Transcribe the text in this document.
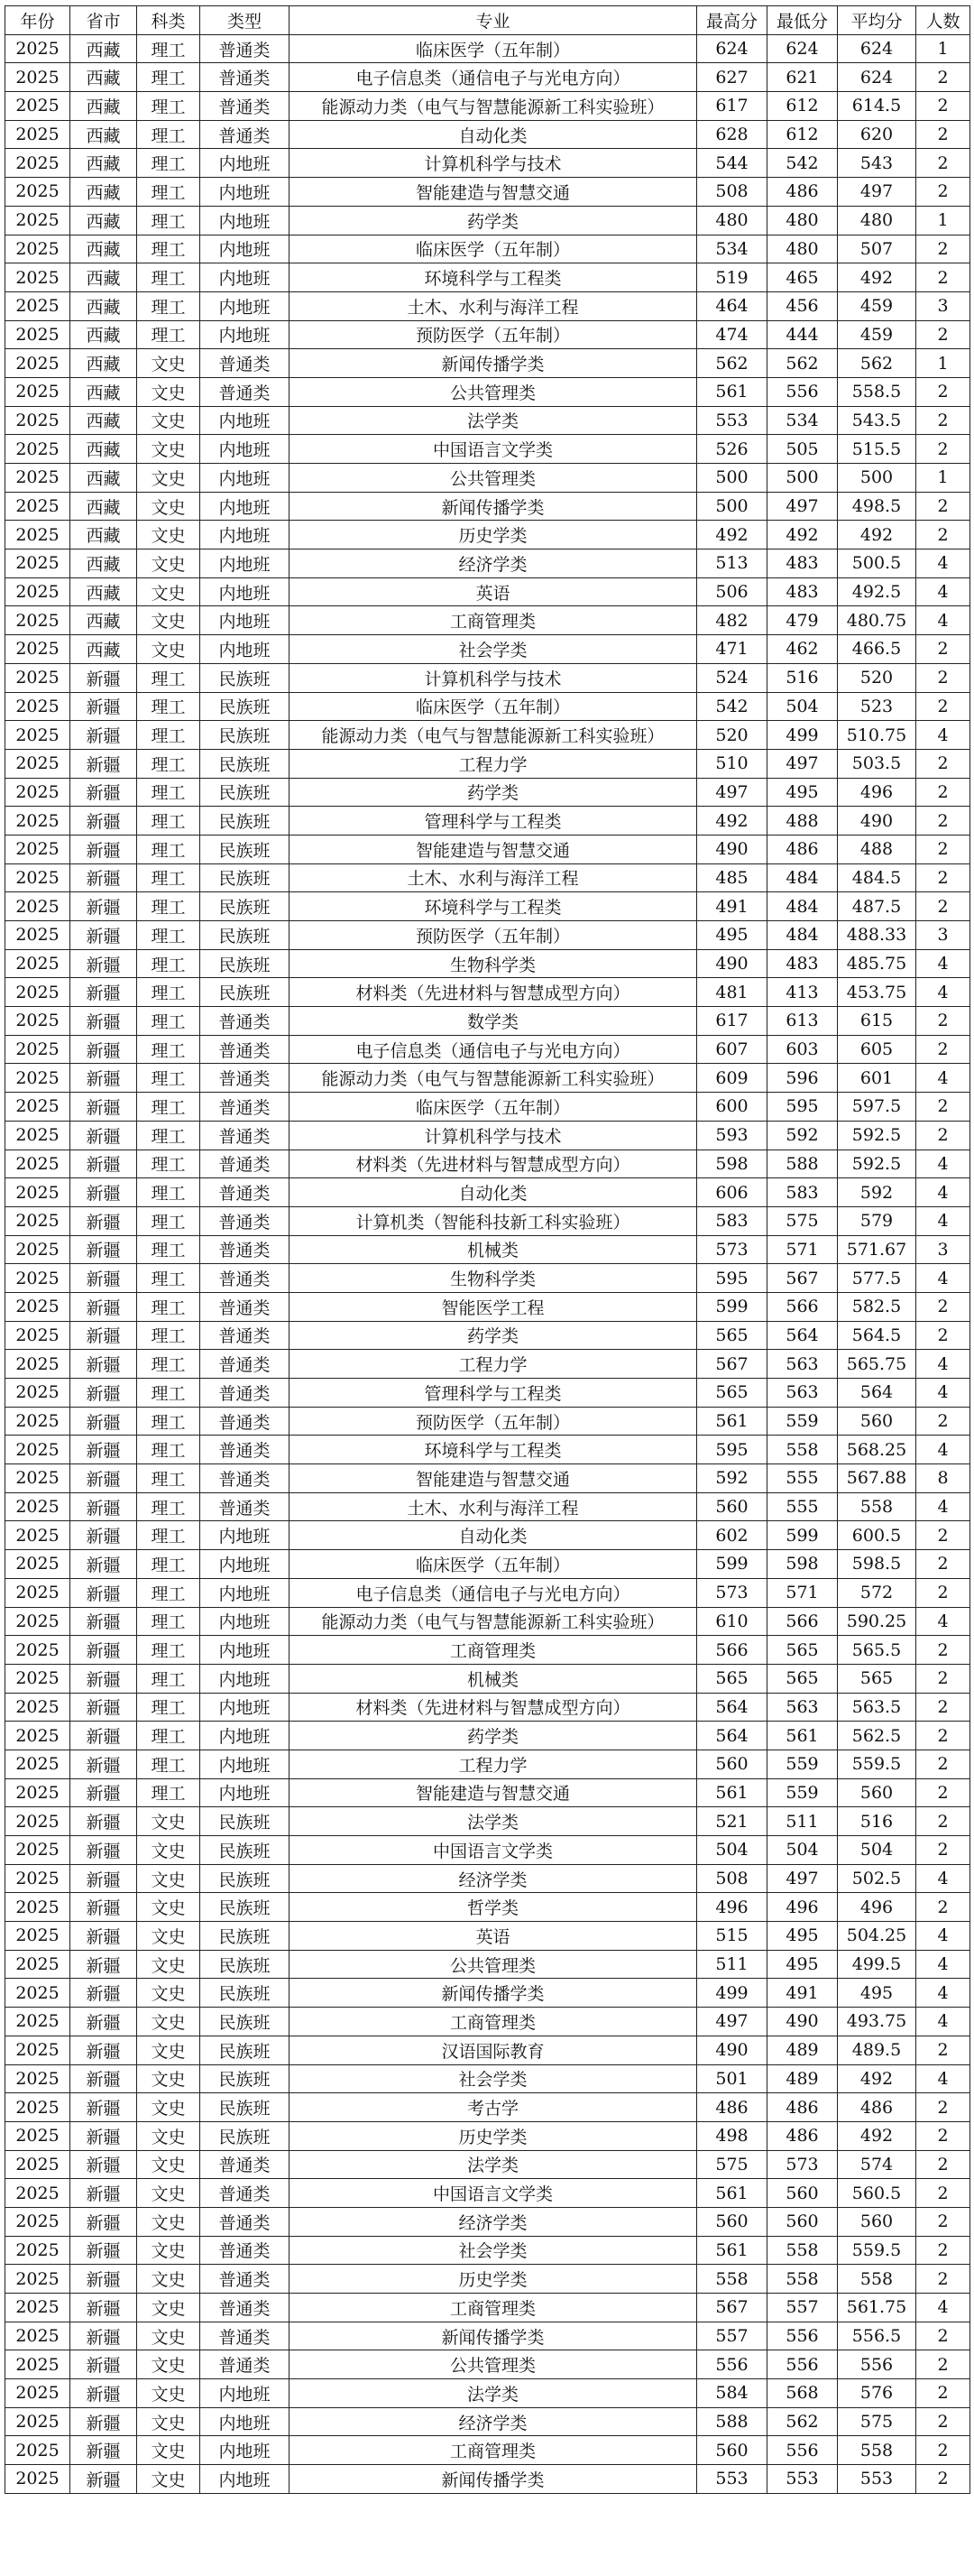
年份	省市	科类	类型	专业	最高分	最低分	平均分	人数
2025	西藏	理工	普通类	临床医学（五年制）	624	624	624	1
2025	西藏	理工	普通类	电子信息类（通信电子与光电方向）	627	621	624	2
2025	西藏	理工	普通类	能源动力类（电气与智慧能源新工科实验班）	617	612	614.5	2
2025	西藏	理工	普通类	自动化类	628	612	620	2
2025	西藏	理工	内地班	计算机科学与技术	544	542	543	2
2025	西藏	理工	内地班	智能建造与智慧交通	508	486	497	2
2025	西藏	理工	内地班	药学类	480	480	480	1
2025	西藏	理工	内地班	临床医学（五年制）	534	480	507	2
2025	西藏	理工	内地班	环境科学与工程类	519	465	492	2
2025	西藏	理工	内地班	土木、水利与海洋工程	464	456	459	3
2025	西藏	理工	内地班	预防医学（五年制）	474	444	459	2
2025	西藏	文史	普通类	新闻传播学类	562	562	562	1
2025	西藏	文史	普通类	公共管理类	561	556	558.5	2
2025	西藏	文史	内地班	法学类	553	534	543.5	2
2025	西藏	文史	内地班	中国语言文学类	526	505	515.5	2
2025	西藏	文史	内地班	公共管理类	500	500	500	1
2025	西藏	文史	内地班	新闻传播学类	500	497	498.5	2
2025	西藏	文史	内地班	历史学类	492	492	492	2
2025	西藏	文史	内地班	经济学类	513	483	500.5	4
2025	西藏	文史	内地班	英语	506	483	492.5	4
2025	西藏	文史	内地班	工商管理类	482	479	480.75	4
2025	西藏	文史	内地班	社会学类	471	462	466.5	2
2025	新疆	理工	民族班	计算机科学与技术	524	516	520	2
2025	新疆	理工	民族班	临床医学（五年制）	542	504	523	2
2025	新疆	理工	民族班	能源动力类（电气与智慧能源新工科实验班）	520	499	510.75	4
2025	新疆	理工	民族班	工程力学	510	497	503.5	2
2025	新疆	理工	民族班	药学类	497	495	496	2
2025	新疆	理工	民族班	管理科学与工程类	492	488	490	2
2025	新疆	理工	民族班	智能建造与智慧交通	490	486	488	2
2025	新疆	理工	民族班	土木、水利与海洋工程	485	484	484.5	2
2025	新疆	理工	民族班	环境科学与工程类	491	484	487.5	2
2025	新疆	理工	民族班	预防医学（五年制）	495	484	488.33	3
2025	新疆	理工	民族班	生物科学类	490	483	485.75	4
2025	新疆	理工	民族班	材料类（先进材料与智慧成型方向）	481	413	453.75	4
2025	新疆	理工	普通类	数学类	617	613	615	2
2025	新疆	理工	普通类	电子信息类（通信电子与光电方向）	607	603	605	2
2025	新疆	理工	普通类	能源动力类（电气与智慧能源新工科实验班）	609	596	601	4
2025	新疆	理工	普通类	临床医学（五年制）	600	595	597.5	2
2025	新疆	理工	普通类	计算机科学与技术	593	592	592.5	2
2025	新疆	理工	普通类	材料类（先进材料与智慧成型方向）	598	588	592.5	4
2025	新疆	理工	普通类	自动化类	606	583	592	4
2025	新疆	理工	普通类	计算机类（智能科技新工科实验班）	583	575	579	4
2025	新疆	理工	普通类	机械类	573	571	571.67	3
2025	新疆	理工	普通类	生物科学类	595	567	577.5	4
2025	新疆	理工	普通类	智能医学工程	599	566	582.5	2
2025	新疆	理工	普通类	药学类	565	564	564.5	2
2025	新疆	理工	普通类	工程力学	567	563	565.75	4
2025	新疆	理工	普通类	管理科学与工程类	565	563	564	4
2025	新疆	理工	普通类	预防医学（五年制）	561	559	560	2
2025	新疆	理工	普通类	环境科学与工程类	595	558	568.25	4
2025	新疆	理工	普通类	智能建造与智慧交通	592	555	567.88	8
2025	新疆	理工	普通类	土木、水利与海洋工程	560	555	558	4
2025	新疆	理工	内地班	自动化类	602	599	600.5	2
2025	新疆	理工	内地班	临床医学（五年制）	599	598	598.5	2
2025	新疆	理工	内地班	电子信息类（通信电子与光电方向）	573	571	572	2
2025	新疆	理工	内地班	能源动力类（电气与智慧能源新工科实验班）	610	566	590.25	4
2025	新疆	理工	内地班	工商管理类	566	565	565.5	2
2025	新疆	理工	内地班	机械类	565	565	565	2
2025	新疆	理工	内地班	材料类（先进材料与智慧成型方向）	564	563	563.5	2
2025	新疆	理工	内地班	药学类	564	561	562.5	2
2025	新疆	理工	内地班	工程力学	560	559	559.5	2
2025	新疆	理工	内地班	智能建造与智慧交通	561	559	560	2
2025	新疆	文史	民族班	法学类	521	511	516	2
2025	新疆	文史	民族班	中国语言文学类	504	504	504	2
2025	新疆	文史	民族班	经济学类	508	497	502.5	4
2025	新疆	文史	民族班	哲学类	496	496	496	2
2025	新疆	文史	民族班	英语	515	495	504.25	4
2025	新疆	文史	民族班	公共管理类	511	495	499.5	4
2025	新疆	文史	民族班	新闻传播学类	499	491	495	4
2025	新疆	文史	民族班	工商管理类	497	490	493.75	4
2025	新疆	文史	民族班	汉语国际教育	490	489	489.5	2
2025	新疆	文史	民族班	社会学类	501	489	492	4
2025	新疆	文史	民族班	考古学	486	486	486	2
2025	新疆	文史	民族班	历史学类	498	486	492	2
2025	新疆	文史	普通类	法学类	575	573	574	2
2025	新疆	文史	普通类	中国语言文学类	561	560	560.5	2
2025	新疆	文史	普通类	经济学类	560	560	560	2
2025	新疆	文史	普通类	社会学类	561	558	559.5	2
2025	新疆	文史	普通类	历史学类	558	558	558	2
2025	新疆	文史	普通类	工商管理类	567	557	561.75	4
2025	新疆	文史	普通类	新闻传播学类	557	556	556.5	2
2025	新疆	文史	普通类	公共管理类	556	556	556	2
2025	新疆	文史	内地班	法学类	584	568	576	2
2025	新疆	文史	内地班	经济学类	588	562	575	2
2025	新疆	文史	内地班	工商管理类	560	556	558	2
2025	新疆	文史	内地班	新闻传播学类	553	553	553	2
